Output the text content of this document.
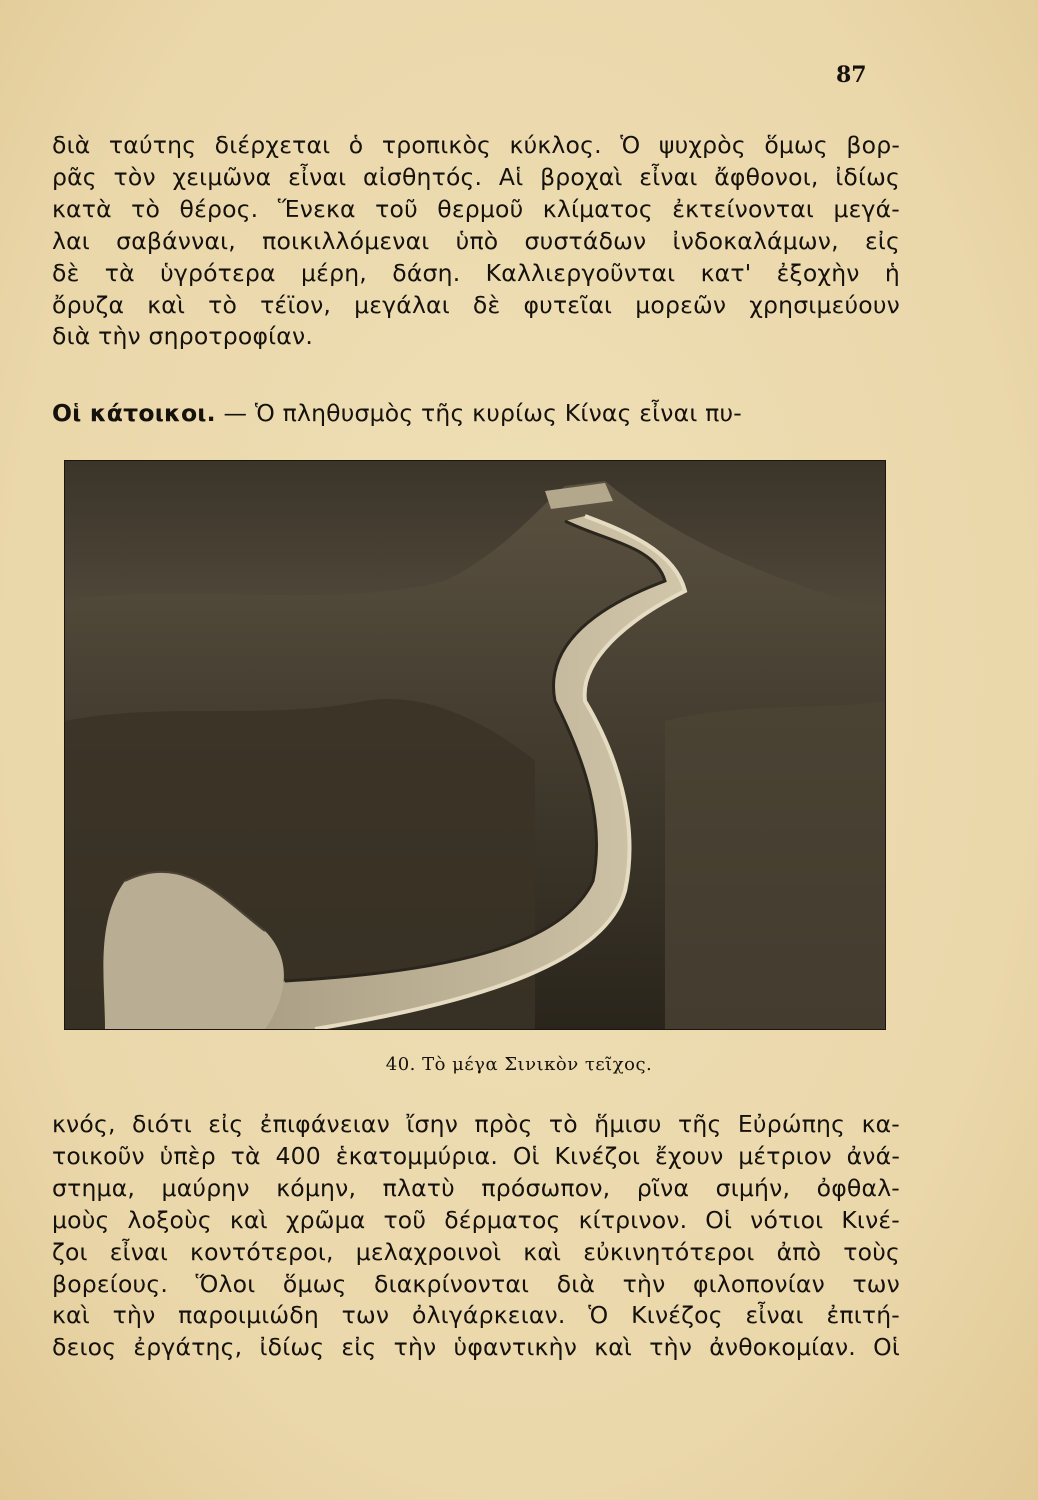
87
διὰ ταύτης διέρχεται ὁ τροπικὸς κύκλος. Ὁ ψυχρὸς ὅμως βορ-
ρᾶς τὸν χειμῶνα εἶναι αἰσθητός. Αἱ βροχαὶ εἶναι ἄφθονοι, ἰδίως
κατὰ τὸ θέρος. Ἕνεκα τοῦ θερμοῦ κλίματος ἐκτείνονται μεγά-
λαι σαβάνναι, ποικιλλόμεναι ὑπὸ συστάδων ἰνδοκαλάμων, εἰς
δὲ τὰ ὑγρότερα μέρη, δάση. Καλλιεργοῦνται κατ' ἐξοχὴν ἡ
ὄρυζα καὶ τὸ τέϊον, μεγάλαι δὲ φυτεῖαι μορεῶν χρησιμεύουν
διὰ τὴν σηροτροφίαν.
Οἱ κάτοικοι. — Ὁ πληθυσμὸς τῆς κυρίως Κίνας εἶναι πυ-
40. Τὸ μέγα Σινικὸν τεῖχος.
κνός, διότι εἰς ἐπιφάνειαν ἴσην πρὸς τὸ ἥμισυ τῆς Εὐρώπης κα-
τοικοῦν ὑπὲρ τὰ 400 ἑκατομμύρια. Οἱ Κινέζοι ἔχουν μέτριον ἀνά-
στημα, μαύρην κόμην, πλατὺ πρόσωπον, ρῖνα σιμήν, ὀφθαλ-
μοὺς λοξοὺς καὶ χρῶμα τοῦ δέρματος κίτρινον. Οἱ νότιοι Κινέ-
ζοι εἶναι κοντότεροι, μελαχροινοὶ καὶ εὐκινητότεροι ἀπὸ τοὺς
βορείους. Ὅλοι ὅμως διακρίνονται διὰ τὴν φιλοπονίαν των
καὶ τὴν παροιμιώδη των ὀλιγάρκειαν. Ὁ Κινέζος εἶναι ἐπιτή-
δειος ἐργάτης, ἰδίως εἰς τὴν ὑφαντικὴν καὶ τὴν ἀνθοκομίαν. Οἱ
